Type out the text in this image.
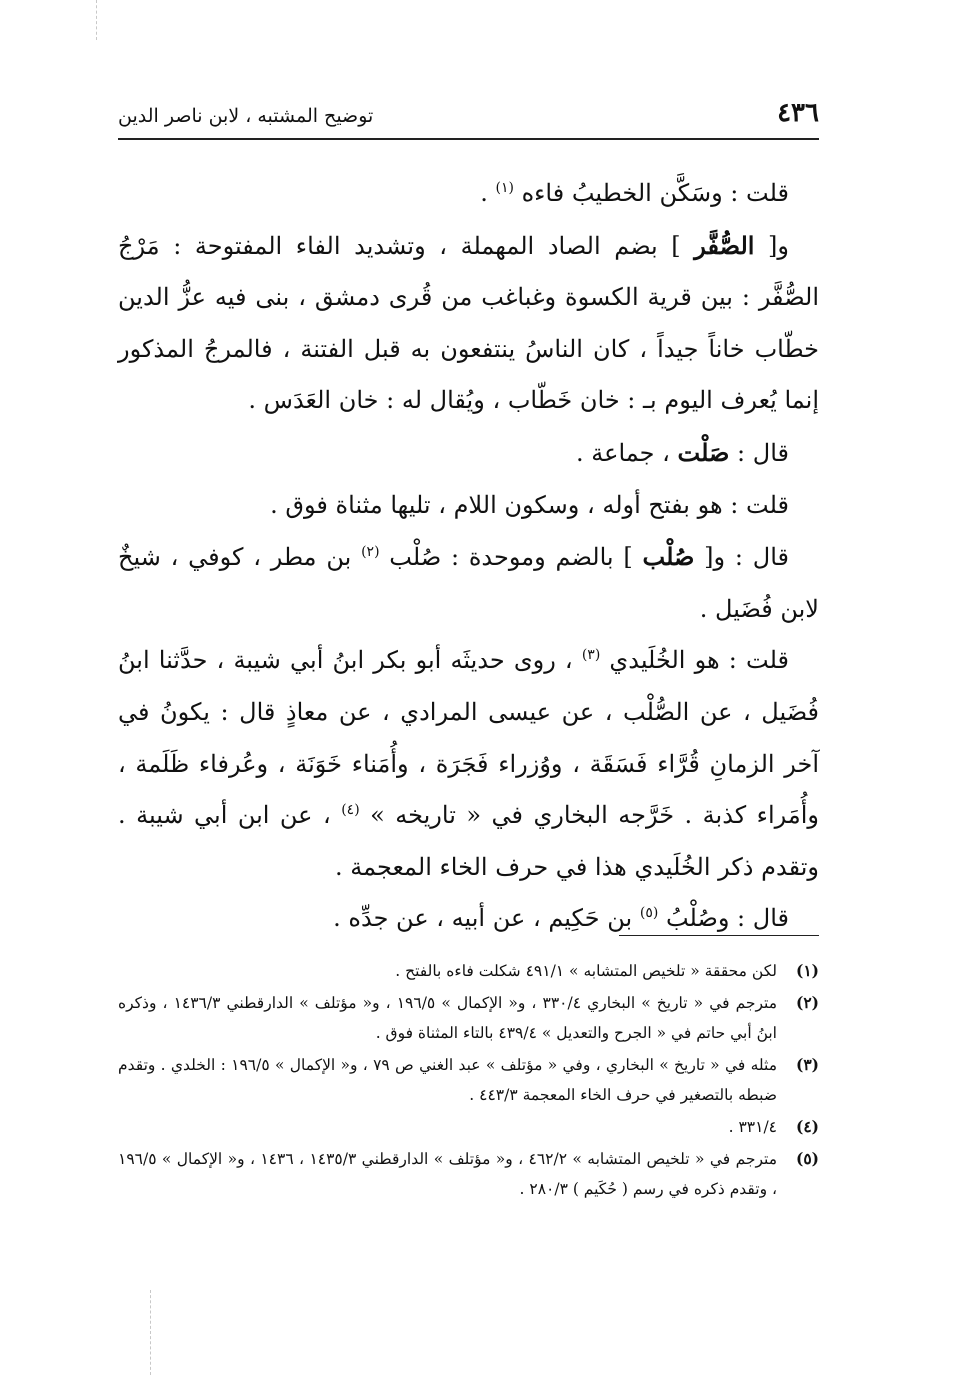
٤٣٦
توضيح المشتبه ، لابن ناصر الدين

قلت : وسَكَّن الخطيبُ فاءه $^{(١)}$ .

و[ الصُّفَّر ] بضم الصاد المهملة ، وتشديد الفاء المفتوحة : مَرْجُ الصُّفَّر : بين قرية الكسوة وغباغب من قُرى دمشق ، بنى فيه عزُّ الدين خطّاب خاناً جيداً ، كان الناسُ ينتفعون به قبل الفتنة ، فالمرجُ المذكور إنما يُعرف اليوم بـ : خان خَطّاب ، ويُقال له : خان العَدَس .

قال : صَلْت ، جماعة .

قلت : هو بفتح أوله ، وسكون اللام ، تليها مثناة فوق .

قال : و[ صُلْب ] بالضم وموحدة : صُلْب $^{(٢)}$ بن مطر ، كوفي ، شيخٌ لابن فُضَيل .

قلت : هو الخُلَيدي $^{(٣)}$ ، روى حديثَه أبو بكر ابنُ أبي شيبة ، حدَّثنا ابنُ فُضَيل ، عن الصُّلْب ، عن عيسى المرادي ، عن معاذٍ قال : يكونُ في آخر الزمانِ قُرَّاء فَسَقَة ، ووُزراء فَجَرَة ، وأُمَناء خَوَنَة ، وعُرفاء ظَلَمة ، وأُمَراء كذبة . خَرَّجه البخاري في « تاريخه » $^{(٤)}$ ، عن ابن أبي شيبة . وتقدم ذكر الخُلَيدي هذا في حرف الخاء المعجمة .

قال : وصُلْبُ $^{(٥)}$ بن حَكِيم ، عن أبيه ، عن جدِّه .

(١)
لكن محققة « تلخيص المتشابه » ٤٩١/١ شكلت فاءه بالفتح .
(٢)
مترجم في « تاريخ » البخاري ٣٣٠/٤ ، و« الإكمال » ١٩٦/٥ ، و« مؤتلف » الدارقطني ١٤٣٦/٣ ، وذكره ابنُ أبي حاتم في « الجرح والتعديل » ٤٣٩/٤ بالتاء المثناة فوق .
(٣)
مثله في « تاريخ » البخاري ، وفي « مؤتلف » عبد الغني ص ٧٩ ، و« الإكمال » ١٩٦/٥ : الخلدي . وتقدم ضبطه بالتصغير في حرف الخاء المعجمة ٤٤٣/٣ .
(٤)
٣٣١/٤ .
(٥)
مترجم في « تلخيص المتشابه » ٤٦٢/٢ ، و« مؤتلف » الدارقطني ١٤٣٥/٣ ، ١٤٣٦ ، و« الإكمال » ١٩٦/٥ ، وتقدم ذكره في رسم ( حُكَيم ) ٢٨٠/٣ .
